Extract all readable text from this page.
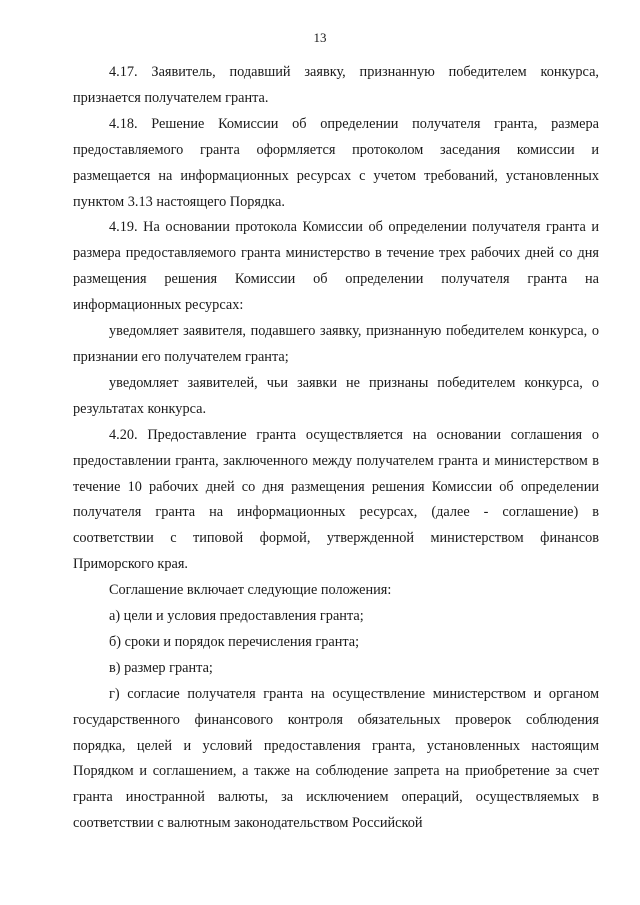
13

4.17. Заявитель, подавший заявку, признанную победителем конкурса, признается получателем гранта.

4.18. Решение Комиссии об определении получателя гранта, размера предоставляемого гранта оформляется протоколом заседания комиссии и размещается на информационных ресурсах с учетом требований, установленных пунктом 3.13 настоящего Порядка.

4.19. На основании протокола Комиссии об определении получателя гранта и размера предоставляемого гранта министерство в течение трех рабочих дней со дня размещения решения Комиссии об определении получателя гранта на информационных ресурсах:

уведомляет заявителя, подавшего заявку, признанную победителем конкурса, о признании его получателем гранта;

уведомляет заявителей, чьи заявки не признаны победителем конкурса, о результатах конкурса.

4.20. Предоставление гранта осуществляется на основании соглашения о предоставлении гранта, заключенного между получателем гранта и министерством в течение 10 рабочих дней со дня размещения решения Комиссии об определении получателя гранта на информационных ресурсах, (далее - соглашение) в соответствии с типовой формой, утвержденной министерством финансов Приморского края.

Соглашение включает следующие положения:

а) цели и условия предоставления гранта;

б) сроки и порядок перечисления гранта;

в) размер гранта;

г) согласие получателя гранта на осуществление министерством и органом государственного финансового контроля обязательных проверок соблюдения порядка, целей и условий предоставления гранта, установленных настоящим Порядком и соглашением, а также на соблюдение запрета на приобретение за счет гранта иностранной валюты, за исключением операций, осуществляемых в соответствии с валютным законодательством Российской
